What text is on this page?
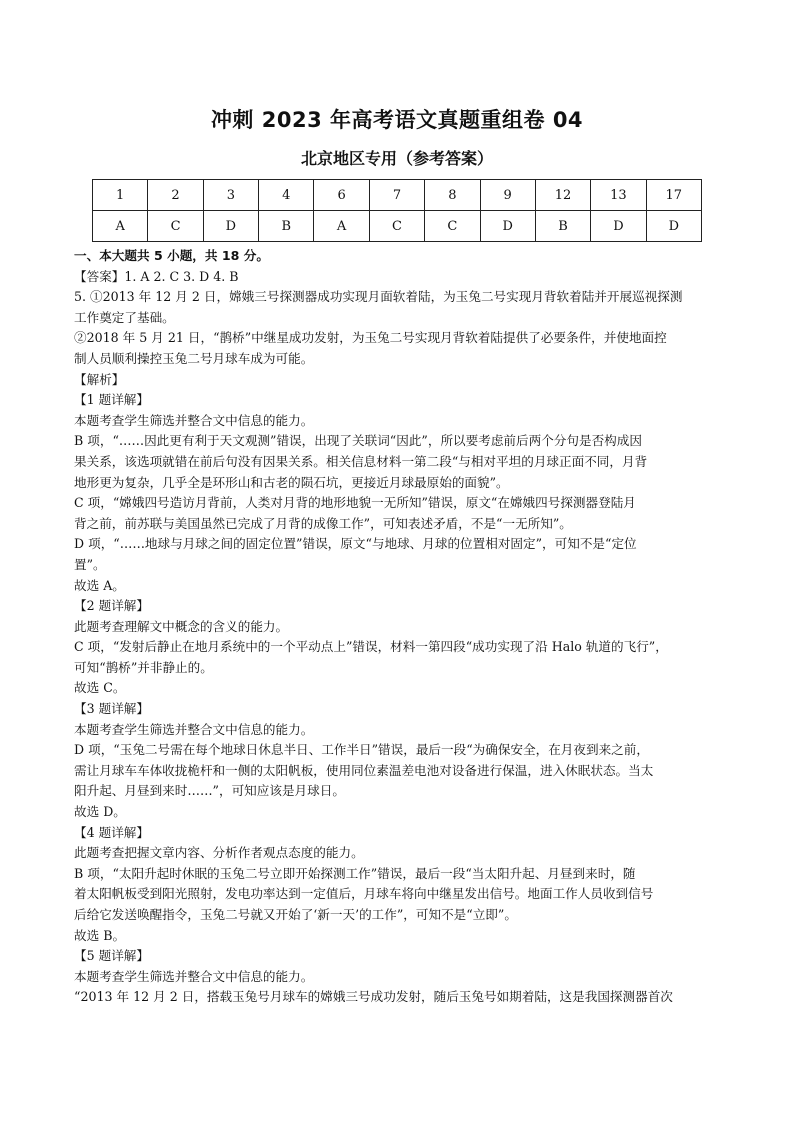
冲刺 2023 年高考语文真题重组卷 04
北京地区专用（参考答案）
1	2	3	4	6	7	8	9	12	13	17
A	C	D	B	A	C	C	D	B	D	D

一、本大题共 5 小题，共 18 分。

【答案】1. A 2. C 3. D 4. B

5. ①2013 年 12 月 2 日，嫦娥三号探测器成功实现月面软着陆，为玉兔二号实现月背软着陆并开展巡视探测

工作奠定了基础。

②2018 年 5 月 21 日，“鹊桥”中继星成功发射，为玉兔二号实现月背软着陆提供了必要条件，并使地面控

制人员顺利操控玉兔二号月球车成为可能。

【解析】

【1 题详解】

本题考查学生筛选并整合文中信息的能力。

B 项，“……因此更有利于天文观测”错误，出现了关联词“因此”，所以要考虑前后两个分句是否构成因

果关系，该选项就错在前后句没有因果关系。相关信息材料一第二段“与相对平坦的月球正面不同，月背

地形更为复杂，几乎全是环形山和古老的陨石坑，更接近月球最原始的面貌”。

C 项，“嫦娥四号造访月背前，人类对月背的地形地貌一无所知”错误，原文“在嫦娥四号探测器登陆月

背之前，前苏联与美国虽然已完成了月背的成像工作”，可知表述矛盾，不是“一无所知”。

D 项，“……地球与月球之间的固定位置”错误，原文“与地球、月球的位置相对固定”，可知不是“定位

置”。

故选 A。

【2 题详解】

此题考查理解文中概念的含义的能力。

C 项，“发射后静止在地月系统中的一个平动点上”错误，材料一第四段“成功实现了沿 Halo 轨道的飞行”，

可知“鹊桥”并非静止的。

故选 C。

【3 题详解】

本题考查学生筛选并整合文中信息的能力。

D 项，“玉兔二号需在每个地球日休息半日、工作半日”错误，最后一段“为确保安全，在月夜到来之前，

需让月球车车体收拢桅杆和一侧的太阳帆板，使用同位素温差电池对设备进行保温，进入休眠状态。当太

阳升起、月昼到来时……”，可知应该是月球日。

故选 D。

【4 题详解】

此题考查把握文章内容、分析作者观点态度的能力。

B 项，“太阳升起时休眠的玉兔二号立即开始探测工作”错误，最后一段“当太阳升起、月昼到来时，随

着太阳帆板受到阳光照射，发电功率达到一定值后，月球车将向中继星发出信号。地面工作人员收到信号

后给它发送唤醒指令，玉兔二号就又开始了‘新一天’的工作”，可知不是“立即”。

故选 B。

【5 题详解】

本题考查学生筛选并整合文中信息的能力。

“2013 年 12 月 2 日，搭载玉兔号月球车的嫦娥三号成功发射，随后玉兔号如期着陆，这是我国探测器首次
